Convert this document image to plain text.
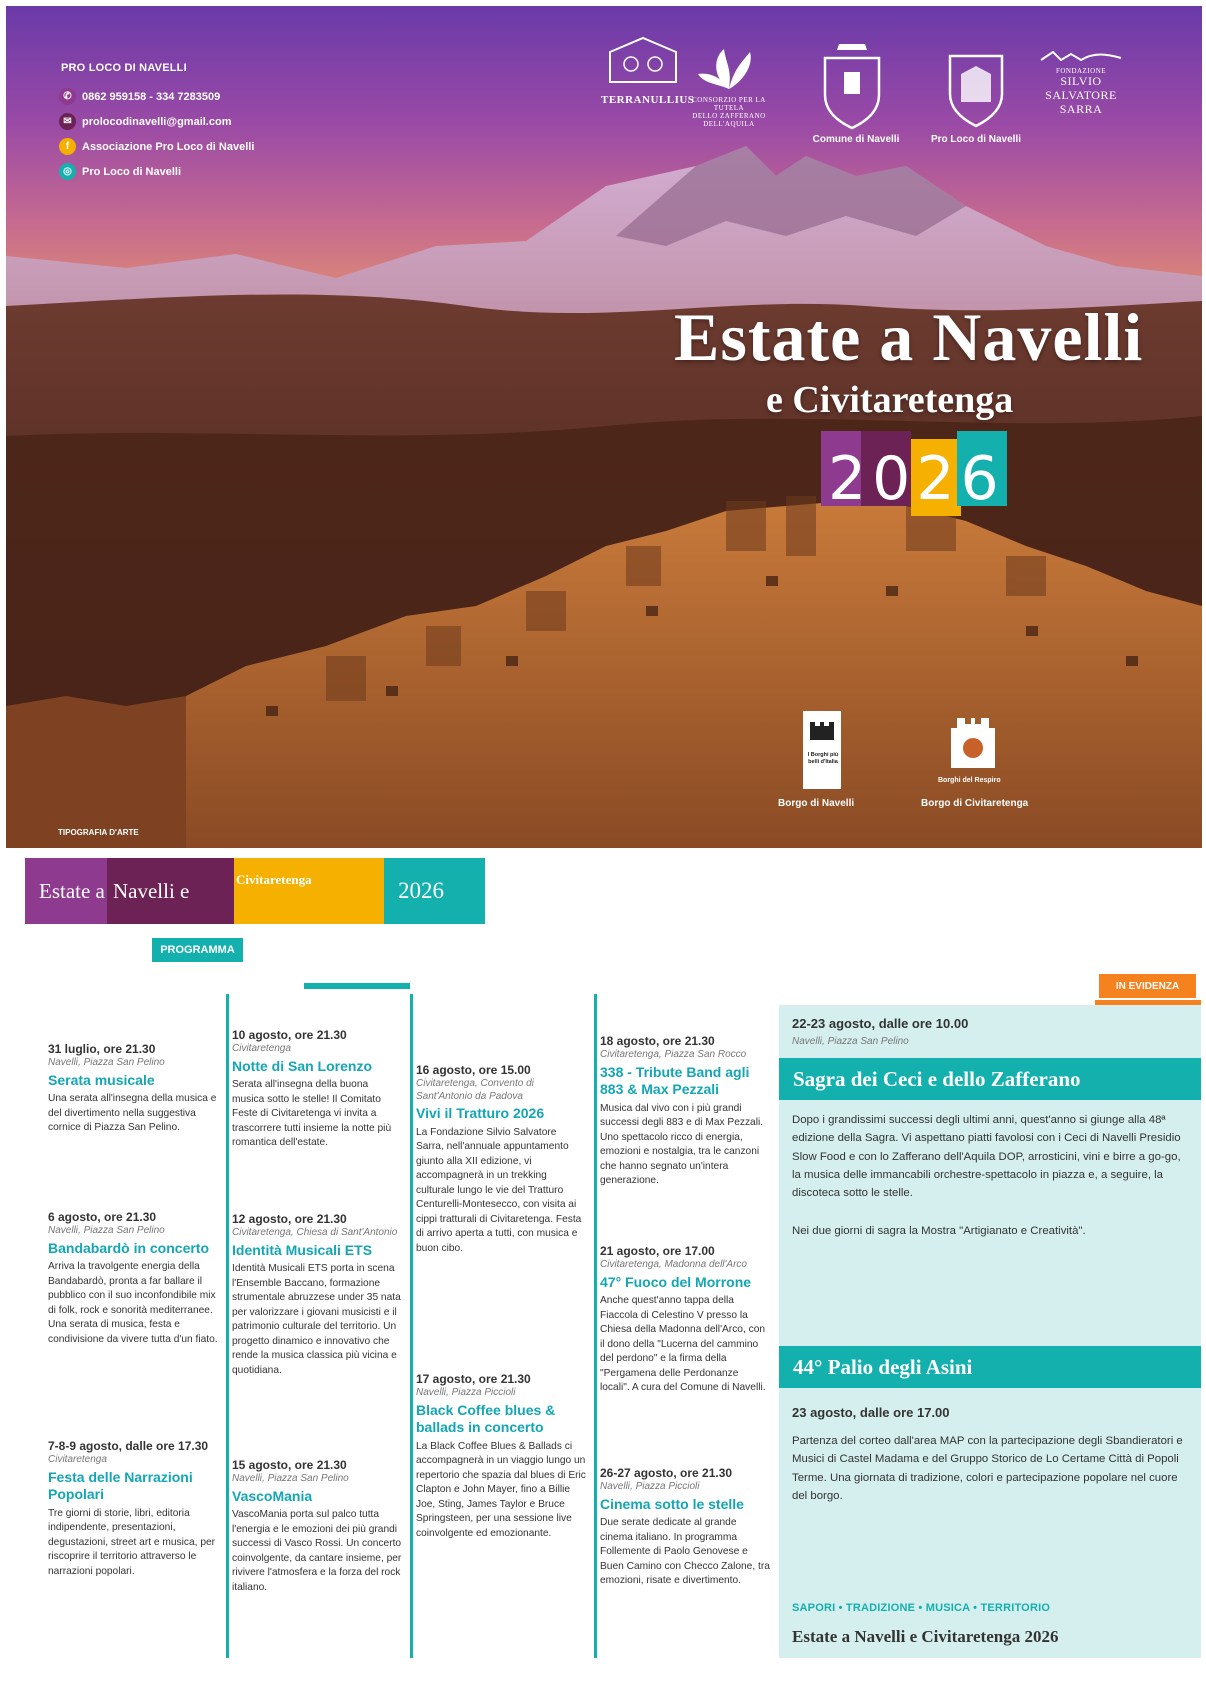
PRO LOCO DI NAVELLI
✆ 0862 959158 - 334 7283509
✉ prolocodinavelli@gmail.com
f	Associazione Pro Loco di Navelli
◎ Pro Loco di Navelli
TERRANULLIUS
CONSORZIO PER LA TUTELA
DELLO ZAFFERANO
DELL'AQUILA
Comune di Navelli	Pro Loco di Navelli
FONDAZIONE
SILVIO
SALVATORE
SARRA
Estate a Navelli
e Civitaretenga
2026
I Borghi più belli d'Italia
Borgo di Navelli
Borghi del Respiro
Borgo di Civitaretenga
TIPOGRAFIA D'ARTE
Estate a Navelli e	Civitaretenga	2026
PROGRAMMA
31 luglio, ore 21.30
Navelli, Piazza San Pelino
Serata musicale
Una serata all'insegna della musica e del divertimento nella suggestiva cornice di Piazza San Pelino.
6 agosto, ore 21.30
Navelli, Piazza San Pelino
Bandabardò in concerto
Arriva la travolgente energia della Bandabardò, pronta a far ballare il pubblico con il suo inconfondibile mix di folk, rock e sonorità mediterranee. Una serata di musica, festa e condivisione da vivere tutta d'un fiato.
7-8-9 agosto, dalle ore 17.30
Civitaretenga
Festa delle Narrazioni Popolari
Tre giorni di storie, libri, editoria indipendente, presentazioni, degustazioni, street art e musica, per riscoprire il territorio attraverso le narrazioni popolari.
10 agosto, ore 21.30
Civitaretenga
Notte di San Lorenzo
Serata all'insegna della buona musica sotto le stelle! Il Comitato Feste di Civitaretenga vi invita a trascorrere tutti insieme la notte più romantica dell'estate.
12 agosto, ore 21.30
Civitaretenga, Chiesa di Sant'Antonio
Identità Musicali ETS
Identità Musicali ETS porta in scena l'Ensemble Baccano, formazione strumentale abruzzese under 35 nata per valorizzare i giovani musicisti e il patrimonio culturale del territorio. Un progetto dinamico e innovativo che rende la musica classica più vicina e quotidiana.
15 agosto, ore 21.30
Navelli, Piazza San Pelino
VascoMania
VascoMania porta sul palco tutta l'energia e le emozioni dei più grandi successi di Vasco Rossi. Un concerto coinvolgente, da cantare insieme, per rivivere l'atmosfera e la forza del rock italiano.
16 agosto, ore 15.00
Civitaretenga, Convento di Sant'Antonio da Padova
Vivi il Tratturo 2026
La Fondazione Silvio Salvatore Sarra, nell'annuale appuntamento giunto alla XII edizione, vi accompagnerà in un trekking culturale lungo le vie del Tratturo Centurelli-Montesecco, con visita ai cippi tratturali di Civitaretenga. Festa di arrivo aperta a tutti, con musica e buon cibo.
17 agosto, ore 21.30
Navelli, Piazza Piccioli
Black Coffee blues & ballads in concerto
La Black Coffee Blues & Ballads ci accompagnerà in un viaggio lungo un repertorio che spazia dal blues di Eric Clapton e John Mayer, fino a Billie Joe, Sting, James Taylor e Bruce Springsteen, per una sessione live coinvolgente ed emozionante.
18 agosto, ore 21.30
Civitaretenga, Piazza San Rocco
338 - Tribute Band agli 883 & Max Pezzali
Musica dal vivo con i più grandi successi degli 883 e di Max Pezzali. Uno spettacolo ricco di energia, emozioni e nostalgia, tra le canzoni che hanno segnato un'intera generazione.
21 agosto, ore 17.00
Civitaretenga, Madonna dell'Arco
47° Fuoco del Morrone
Anche quest'anno tappa della Fiaccola di Celestino V presso la Chiesa della Madonna dell'Arco, con il dono della "Lucerna del cammino del perdono" e la firma della "Pergamena delle Perdonanze locali". A cura del Comune di Navelli.
26-27 agosto, ore 21.30
Navelli, Piazza Piccioli
Cinema sotto le stelle
Due serate dedicate al grande cinema italiano. In programma Follemente di Paolo Genovese e Buen Camino con Checco Zalone, tra emozioni, risate e divertimento.
IN EVIDENZA
22-23 agosto, dalle ore 10.00
Navelli, Piazza San Pelino
Sagra dei Ceci e dello Zafferano
Dopo i grandissimi successi degli ultimi anni, quest'anno si giunge alla 48ª edizione della Sagra. Vi aspettano piatti favolosi con i Ceci di Navelli Presidio Slow Food e con lo Zafferano dell'Aquila DOP, arrosticini, vini e birre a go-go, la musica delle immancabili orchestre-spettacolo in piazza e, a seguire, la discoteca sotto le stelle.
Nei due giorni di sagra la Mostra "Artigianato e Creatività".
44° Palio degli Asini
23 agosto, dalle ore 17.00
Partenza del corteo dall'area MAP con la partecipazione degli Sbandieratori e Musici di Castel Madama e del Gruppo Storico de Lo Certame Città di Popoli Terme. Una giornata di tradizione, colori e partecipazione popolare nel cuore del borgo.
SAPORI • TRADIZIONE • MUSICA • TERRITORIO
Estate a Navelli e Civitaretenga 2026
